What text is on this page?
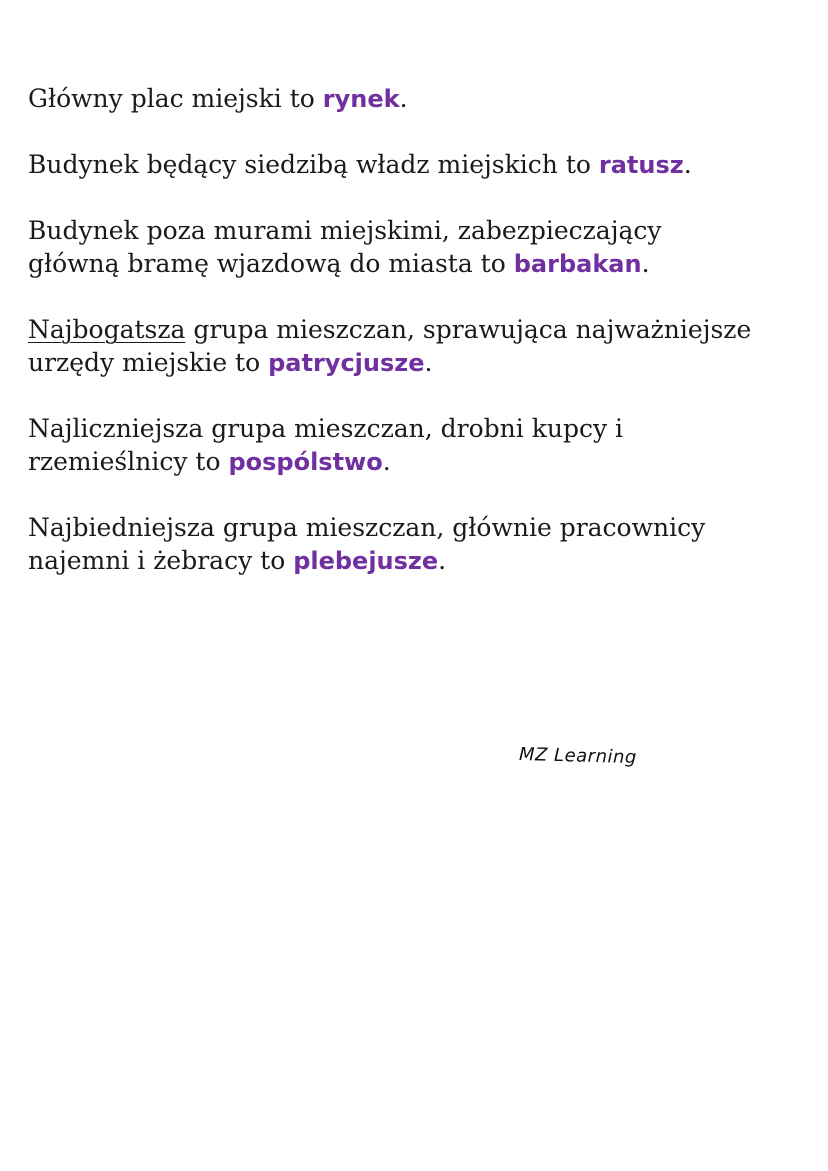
Główny plac miejski to rynek.

Budynek będący siedzibą władz miejskich to ratusz.

Budynek poza murami miejskimi, zabezpieczający
główną bramę wjazdową do miasta to barbakan.

Najbogatsza grupa mieszczan, sprawująca najważniejsze
urzędy miejskie to patrycjusze.

Najliczniejsza grupa mieszczan, drobni kupcy i
rzemieślnicy to pospólstwo.

Najbiedniejsza grupa mieszczan, głównie pracownicy
najemni i żebracy to plebejusze.

MZ Learning
